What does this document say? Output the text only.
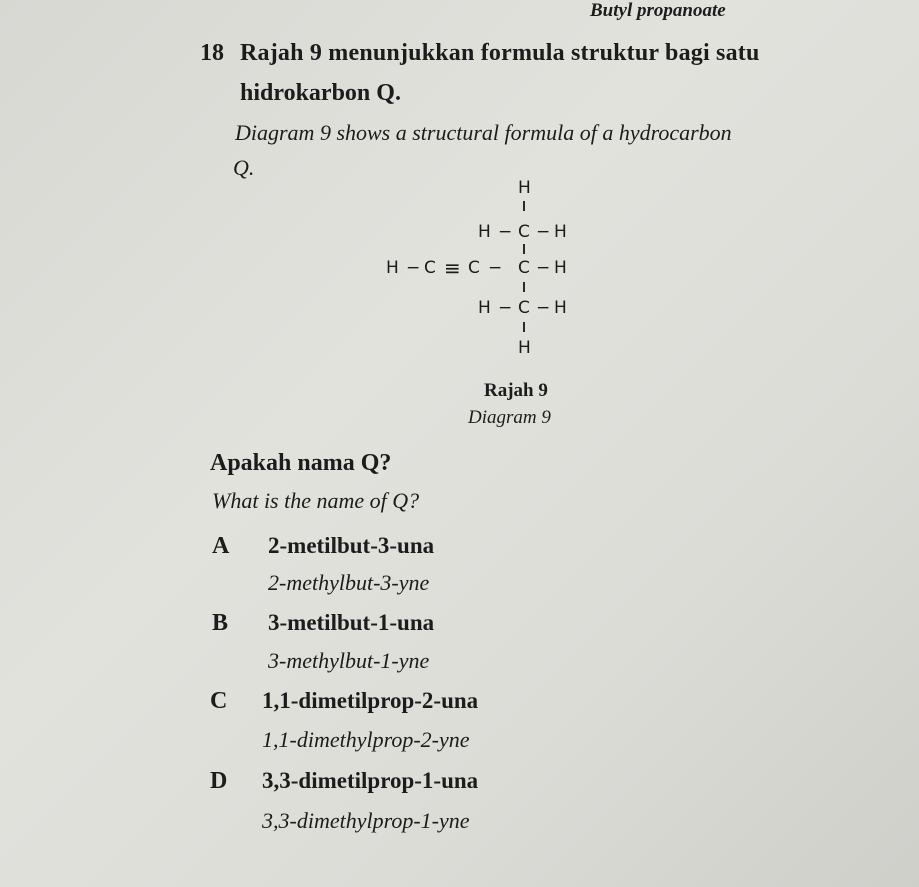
Butyl propanoate
18 Rajah 9 menunjukkan formula struktur bagi satu
hidrokarbon Q.
Diagram 9 shows a structural formula of a hydrocarbon
Q.
H
H − C − H
H − C ≡ C − C − H
H − C − H
H
Rajah 9
Diagram 9
Apakah nama Q?
What is the name of Q?
A 2-metilbut-3-una
2-methylbut-3-yne
B 3-metilbut-1-una
3-methylbut-1-yne
C 1,1-dimetilprop-2-una
1,1-dimethylprop-2-yne
D 3,3-dimetilprop-1-una
3,3-dimethylprop-1-yne
